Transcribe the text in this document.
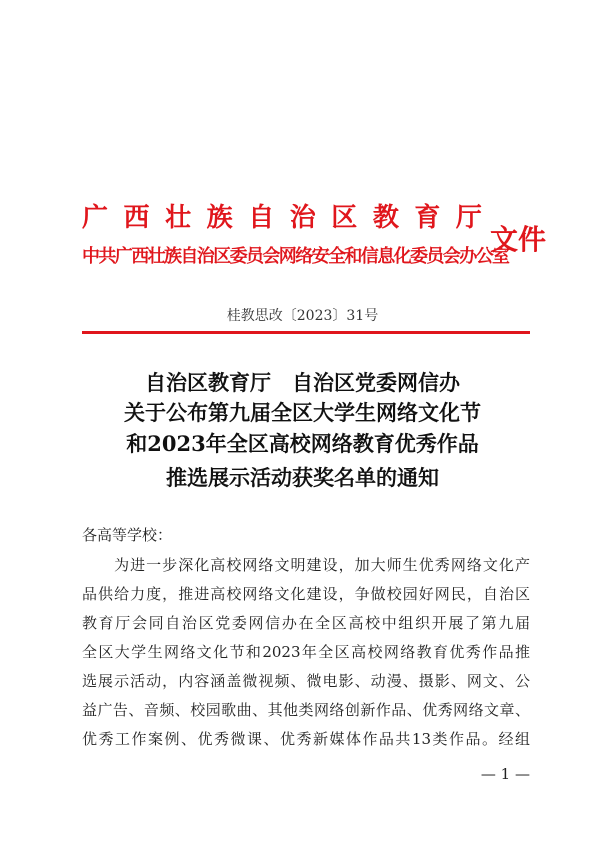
广 西 壮 族 自 治 区 教 育 厅
中共广西壮族自治区委员会网络安全和信息化委员会办公室
文件
桂教思改〔2023〕31号
自治区教育厅　自治区党委网信办
关于公布第九届全区大学生网络文化节
和2023年全区高校网络教育优秀作品
推选展示活动获奖名单的通知
各高等学校：
　　为进一步深化高校网络文明建设，加大师生优秀网络文化产
品供给力度，推进高校网络文化建设，争做校园好网民，自治区
教育厅会同自治区党委网信办在全区高校中组织开展了第九届
全区大学生网络文化节和2023年全区高校网络教育优秀作品推
选展示活动，内容涵盖微视频、微电影、动漫、摄影、网文、公
益广告、音频、校园歌曲、其他类网络创新作品、优秀网络文章、
优秀工作案例、优秀微课、优秀新媒体作品共13类作品。经组
— 1 —
